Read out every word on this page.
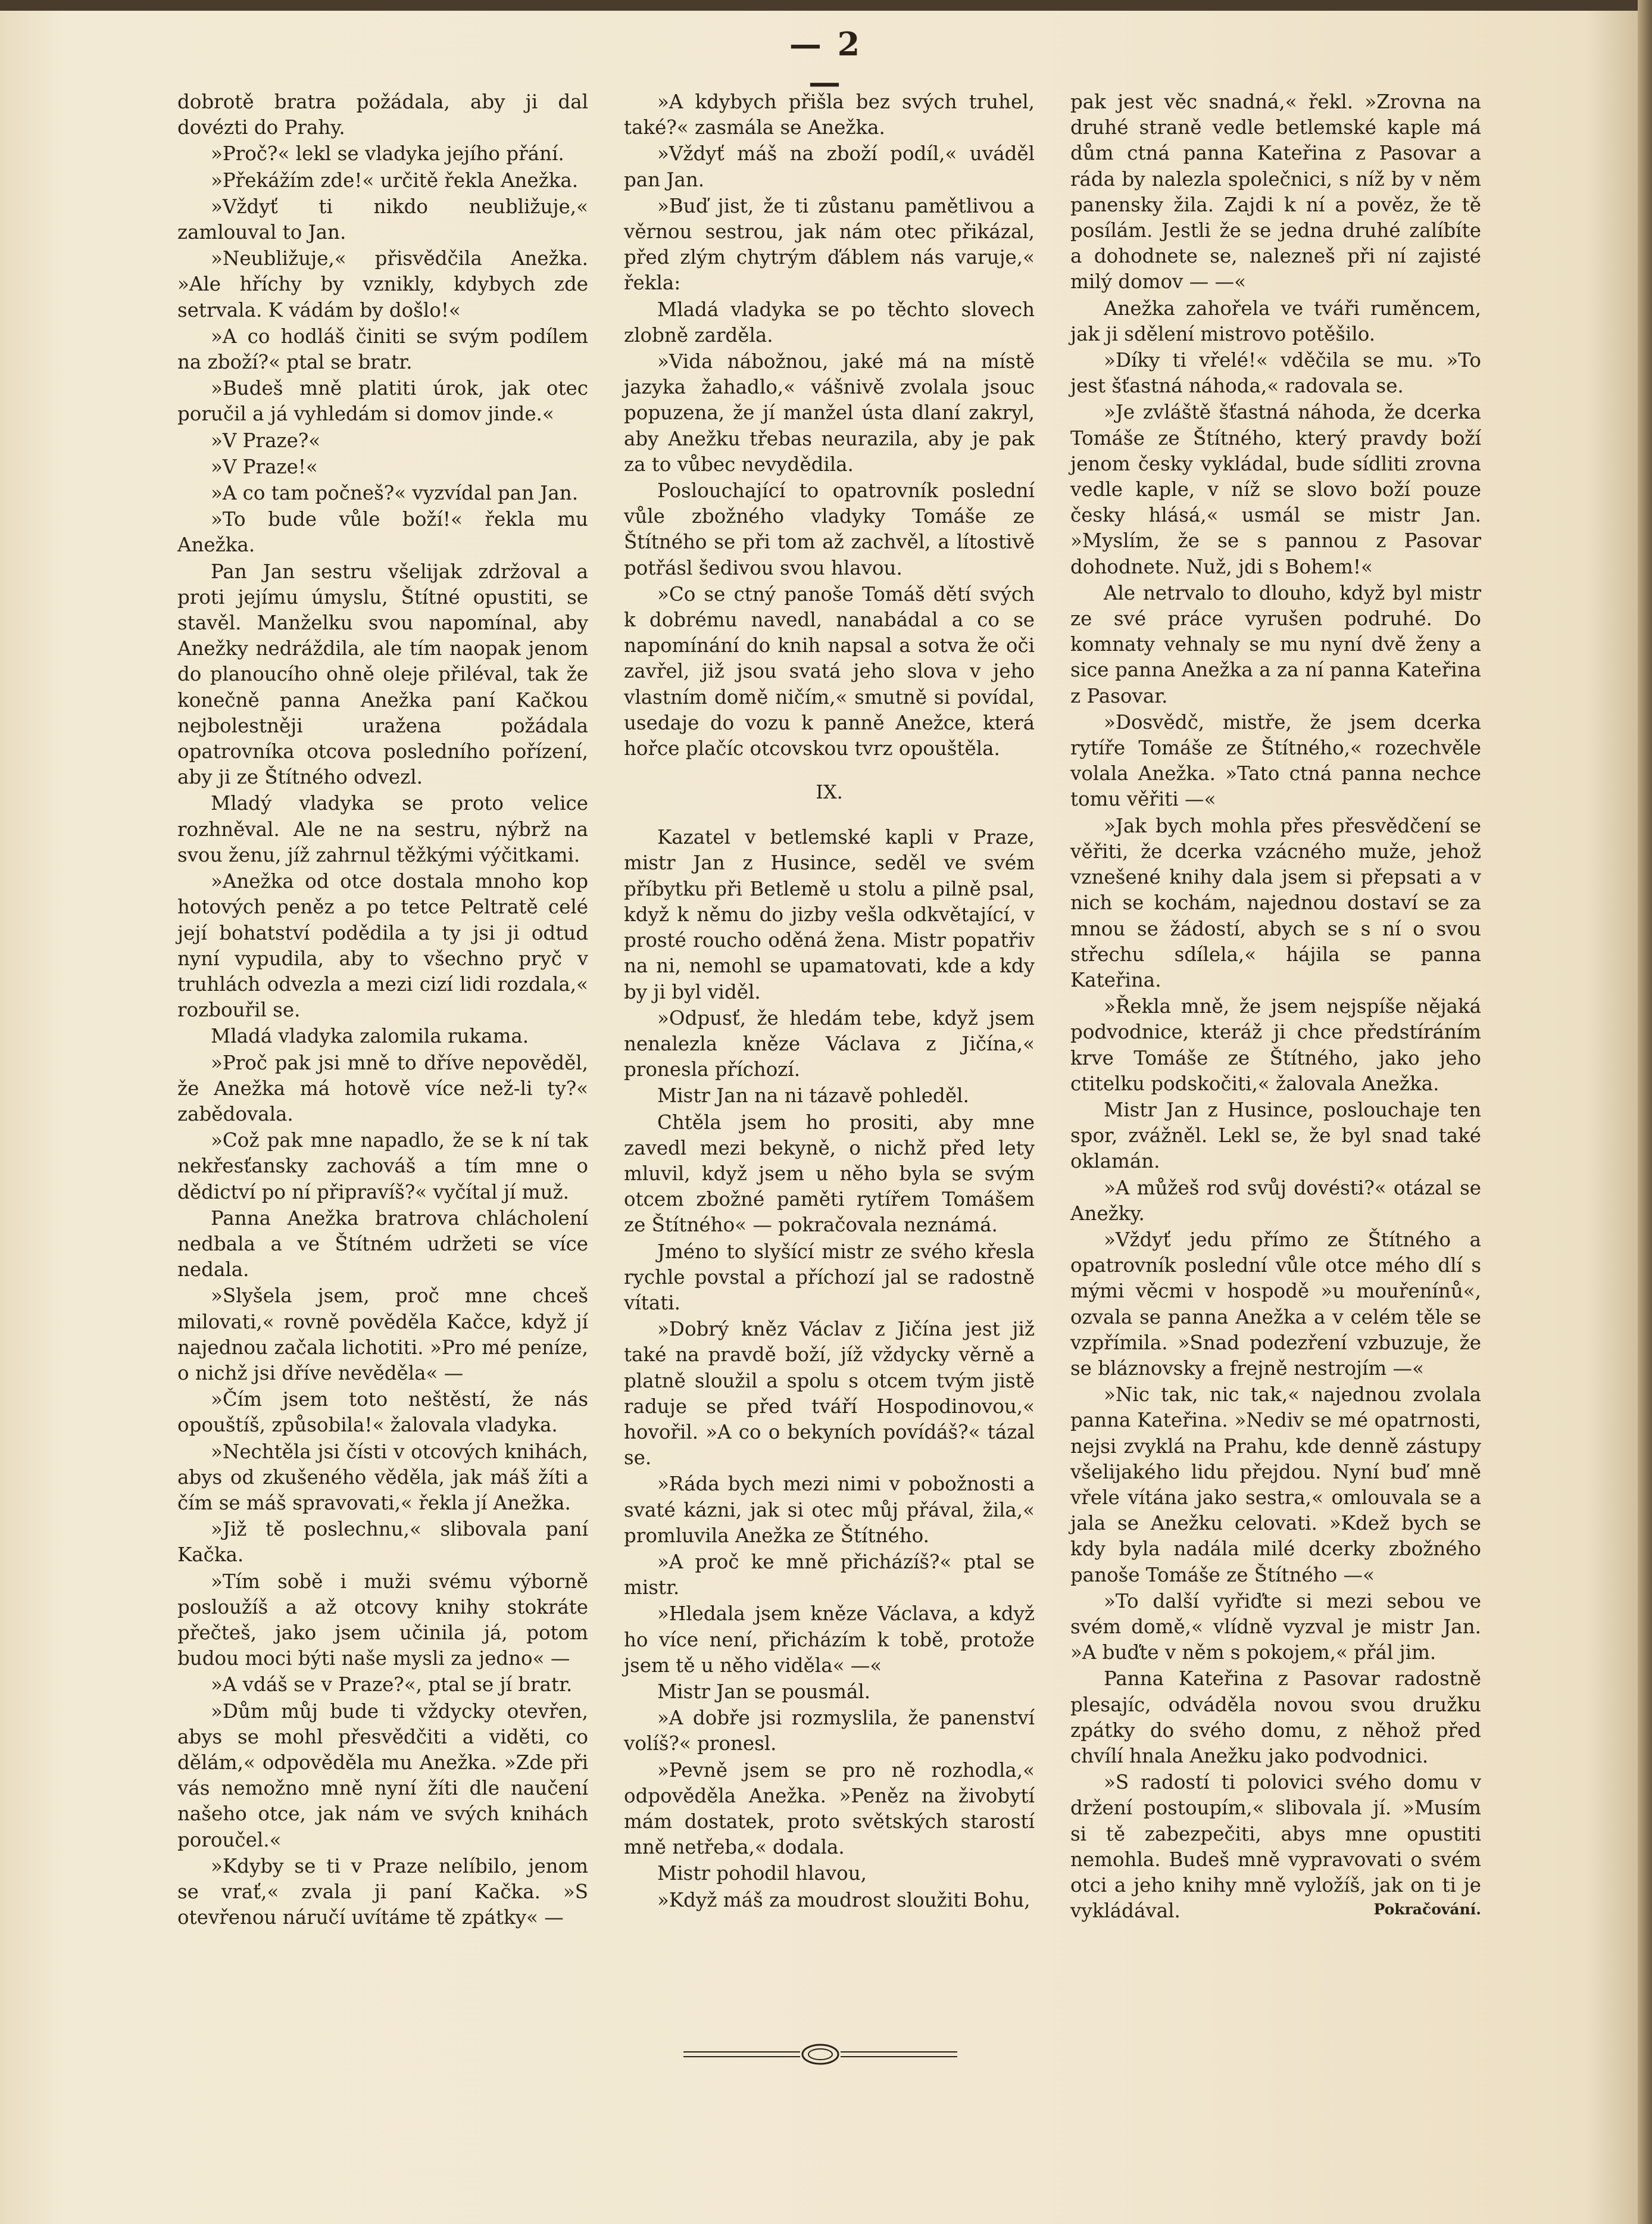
— 2 —

dobrotě bratra požádala, aby ji dal dovézti do Prahy.

»Proč?« lekl se vladyka jejího přání.

»Překážím zde!« určitě řekla Anežka.

»Vždyť ti nikdo neubližuje,« zamlouval to Jan.

»Neubližuje,« přisvědčila Anežka. »Ale hříchy by vznikly, kdybych zde setrvala. K vádám by došlo!«

»A co hodláš činiti se svým podílem na zboží?« ptal se bratr.

»Budeš mně platiti úrok, jak otec poručil a já vyhledám si domov jinde.«

»V Praze?«

»V Praze!«

»A co tam počneš?« vyzvídal pan Jan.

»To bude vůle boží!« řekla mu Anežka.

Pan Jan sestru všelijak zdržoval a proti jejímu úmyslu, Štítné opustiti, se stavěl. Manželku svou napomínal, aby Anežky nedráždila, ale tím naopak jenom do planoucího ohně oleje přiléval, tak že konečně panna Anežka paní Kačkou nejbolestněji uražena požádala opatrovníka otcova posledního pořízení, aby ji ze Štítného odvezl.

Mladý vladyka se proto velice rozhněval. Ale ne na sestru, nýbrž na svou ženu, jíž zahrnul těžkými výčitkami.

»Anežka od otce dostala mnoho kop hotových peněz a po tetce Peltratě celé její bohatství podědila a ty jsi ji odtud nyní vypudila, aby to všechno pryč v truhlách odvezla a mezi cizí lidi rozdala,« rozbouřil se.

Mladá vladyka zalomila rukama.

»Proč pak jsi mně to dříve nepověděl, že Anežka má hotově více než-li ty?« zabědovala.

»Což pak mne napadlo, že se k ní tak nekřesťansky zachováš a tím mne o dědictví po ní připravíš?« vyčítal jí muž.

Panna Anežka bratrova chlácholení nedbala a ve Štítném udržeti se více nedala.

»Slyšela jsem, proč mne chceš milovati,« rovně pověděla Kačce, když jí najednou začala lichotiti. »Pro mé peníze, o nichž jsi dříve nevěděla« —

»Čím jsem toto neštěstí, že nás opouštíš, způsobila!« žalovala vladyka.

»Nechtěla jsi čísti v otcových knihách, abys od zkušeného věděla, jak máš žíti a čím se máš spravovati,« řekla jí Anežka.

»Již tě poslechnu,« slibovala paní Kačka.

»Tím sobě i muži svému výborně posloužíš a až otcovy knihy stokráte přečteš, jako jsem učinila já, potom budou moci býti naše mysli za jedno« —

»A vdáš se v Praze?«, ptal se jí bratr.

»Dům můj bude ti vždycky otevřen, abys se mohl přesvědčiti a viděti, co dělám,« odpověděla mu Anežka. »Zde při vás nemožno mně nyní žíti dle naučení našeho otce, jak nám ve svých knihách poroučel.«

»Kdyby se ti v Praze nelíbilo, jenom se vrať,« zvala ji paní Kačka. »S otevřenou náručí uvítáme tě zpátky« —

»A kdybych přišla bez svých truhel, také?« zasmála se Anežka.

»Vždyť máš na zboží podíl,« uváděl pan Jan.

»Buď jist, že ti zůstanu pamětlivou a věrnou sestrou, jak nám otec přikázal, před zlým chytrým ďáblem nás varuje,« řekla:

Mladá vladyka se po těchto slovech zlobně zarděla.

»Vida nábožnou, jaké má na místě jazyka žahadlo,« vášnivě zvolala jsouc popuzena, že jí manžel ústa dlaní zakryl, aby Anežku třebas neurazila, aby je pak za to vůbec nevydědila.

Poslouchající to opatrovník poslední vůle zbožného vladyky Tomáše ze Štítného se při tom až zachvěl, a lítostivě potřásl šedivou svou hlavou.

»Co se ctný panoše Tomáš dětí svých k dobrému navedl, nanabádal a co se napomínání do knih napsal a sotva že oči zavřel, již jsou svatá jeho slova v jeho vlastním domě ničím,« smutně si povídal, usedaje do vozu k panně Anežce, která hořce plačíc otcovskou tvrz opouštěla.

IX.

Kazatel v betlemské kapli v Praze, mistr Jan z Husince, seděl ve svém příbytku při Betlemě u stolu a pilně psal, když k němu do jizby vešla odkvětající, v prosté roucho oděná žena. Mistr popatřiv na ni, nemohl se upamatovati, kde a kdy by ji byl viděl.

»Odpusť, že hledám tebe, když jsem nenalezla kněze Václava z Jičína,« pronesla příchozí.

Mistr Jan na ni tázavě pohleděl.

Chtěla jsem ho prositi, aby mne zavedl mezi bekyně, o nichž před lety mluvil, když jsem u něho byla se svým otcem zbožné paměti rytířem Tomášem ze Štítného« — pokračovala neznámá.

Jméno to slyšící mistr ze svého křesla rychle povstal a příchozí jal se radostně vítati.

»Dobrý kněz Václav z Jičína jest již také na pravdě boží, jíž vždycky věrně a platně sloužil a spolu s otcem tvým jistě raduje se před tváří Hospodinovou,« hovořil. »A co o bekyních povídáš?« tázal se.

»Ráda bych mezi nimi v pobožnosti a svaté kázni, jak si otec můj přával, žila,« promluvila Anežka ze Štítného.

»A proč ke mně přicházíš?« ptal se mistr.

»Hledala jsem kněze Václava, a když ho více není, přicházím k tobě, protože jsem tě u něho viděla« —«

Mistr Jan se pousmál.

»A dobře jsi rozmyslila, že panenství volíš?« pronesl.

»Pevně jsem se pro ně rozhodla,« odpověděla Anežka. »Peněz na živobytí mám dostatek, proto světských starostí mně netřeba,« dodala.

Mistr pohodil hlavou,

»Když máš za moudrost sloužiti Bohu,

pak jest věc snadná,« řekl. »Zrovna na druhé straně vedle betlemské kaple má dům ctná panna Kateřina z Pasovar a ráda by nalezla společnici, s níž by v něm panensky žila. Zajdi k ní a pověz, že tě posílám. Jestli že se jedna druhé zalíbíte a dohodnete se, nalezneš při ní zajisté milý domov — —«

Anežka zahořela ve tváři ruměncem, jak ji sdělení mistrovo potěšilo.

»Díky ti vřelé!« vděčila se mu. »To jest šťastná náhoda,« radovala se.

»Je zvláště šťastná náhoda, že dcerka Tomáše ze Štítného, který pravdy boží jenom česky vykládal, bude sídliti zrovna vedle kaple, v níž se slovo boží pouze česky hlásá,« usmál se mistr Jan. »Myslím, že se s pannou z Pasovar dohodnete. Nuž, jdi s Bohem!«

Ale netrvalo to dlouho, když byl mistr ze své práce vyrušen podruhé. Do komnaty vehnaly se mu nyní dvě ženy a sice panna Anežka a za ní panna Kateřina z Pasovar.

»Dosvědč, mistře, že jsem dcerka rytíře Tomáše ze Štítného,« rozechvěle volala Anežka. »Tato ctná panna nechce tomu věřiti —«

»Jak bych mohla přes přesvědčení se věřiti, že dcerka vzácného muže, jehož vznešené knihy dala jsem si přepsati a v nich se kochám, najednou dostaví se za mnou se žádostí, abych se s ní o svou střechu sdílela,« hájila se panna Kateřina.

»Řekla mně, že jsem nejspíše nějaká podvodnice, kteráž ji chce předstíráním krve Tomáše ze Štítného, jako jeho ctitelku podskočiti,« žalovala Anežka.

Mistr Jan z Husince, poslouchaje ten spor, zvážněl. Lekl se, že byl snad také oklamán.

»A můžeš rod svůj dovésti?« otázal se Anežky.

»Vždyť jedu přímo ze Štítného a opatrovník poslední vůle otce mého dlí s mými věcmi v hospodě »u mouřenínů«, ozvala se panna Anežka a v celém těle se vzpřímila. »Snad podezření vzbuzuje, že se bláznovsky a frejně nestrojím —«

»Nic tak, nic tak,« najednou zvolala panna Kateřina. »Nediv se mé opatrnosti, nejsi zvyklá na Prahu, kde denně zástupy všelijakého lidu přejdou. Nyní buď mně vřele vítána jako sestra,« omlouvala se a jala se Anežku celovati. »Kdež bych se kdy byla nadála milé dcerky zbožného panoše Tomáše ze Štítného —«

»To další vyřiďte si mezi sebou ve svém domě,« vlídně vyzval je mistr Jan. »A buďte v něm s pokojem,« přál jim.

Panna Kateřina z Pasovar radostně plesajíc, odváděla novou svou družku zpátky do svého domu, z něhož před chvílí hnala Anežku jako podvodnici.

»S radostí ti polovici svého domu v držení postoupím,« slibovala jí. »Musím si tě zabezpečiti, abys mne opustiti nemohla. Budeš mně vypravovati o svém otci a jeho knihy mně vyložíš, jak on ti je vykládával.	Pokračování.
